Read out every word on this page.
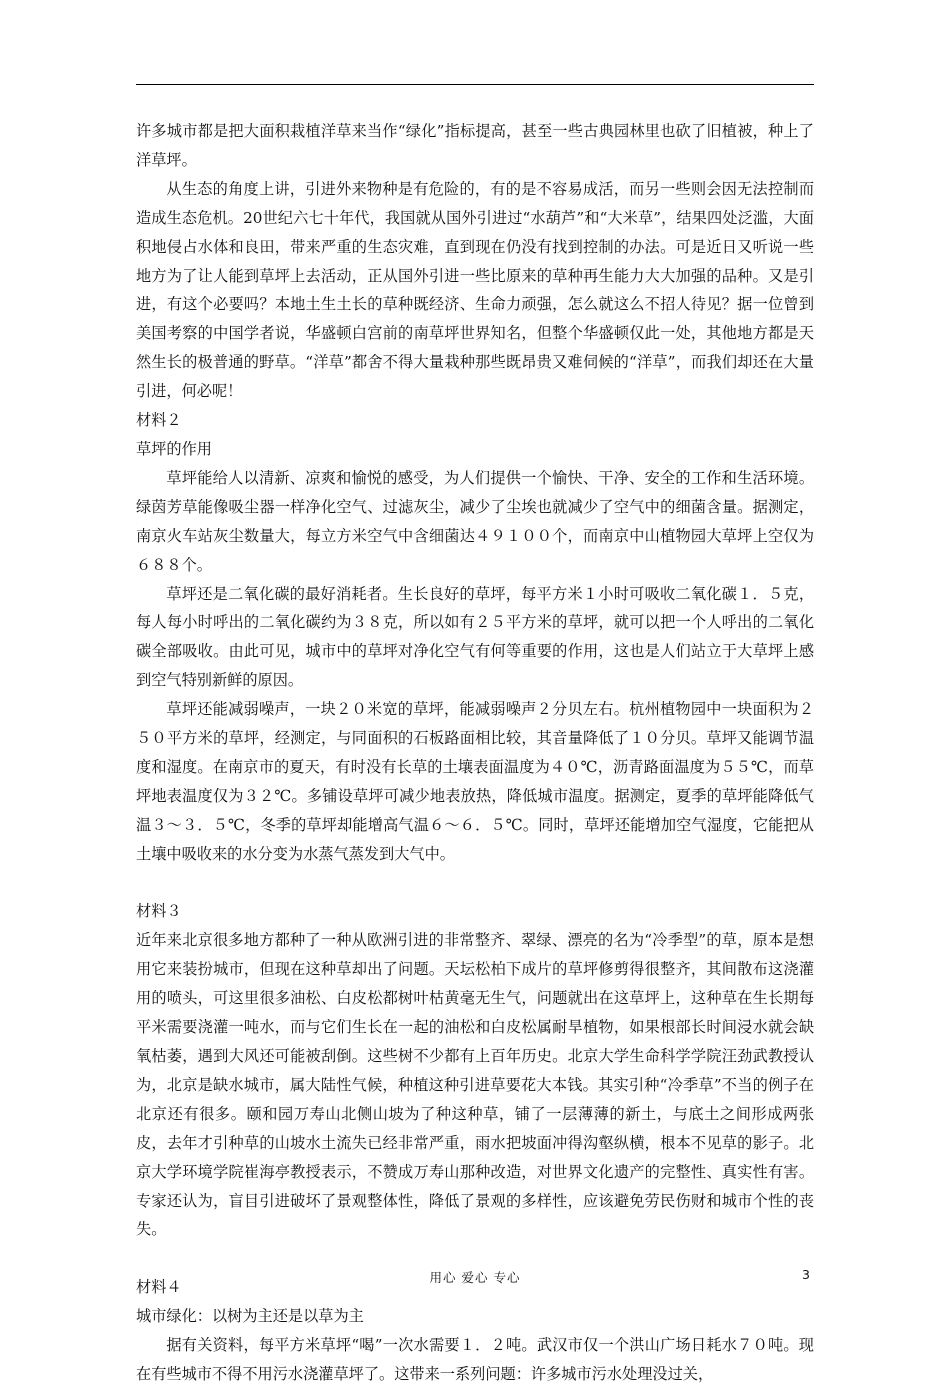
许多城市都是把大面积栽植洋草来当作“绿化”指标提高，甚至一些古典园林里也砍了旧植被，种上了洋草坪。

从生态的角度上讲，引进外来物种是有危险的，有的是不容易成活，而另一些则会因无法控制而造成生态危机。20世纪六七十年代，我国就从国外引进过“水葫芦”和“大米草”，结果四处泛滥，大面积地侵占水体和良田，带来严重的生态灾难，直到现在仍没有找到控制的办法。可是近日又听说一些地方为了让人能到草坪上去活动，正从国外引进一些比原来的草种再生能力大大加强的品种。又是引进，有这个必要吗？本地土生土长的草种既经济、生命力顽强，怎么就这么不招人待见？据一位曾到美国考察的中国学者说，华盛顿白宫前的南草坪世界知名，但整个华盛顿仅此一处，其他地方都是天然生长的极普通的野草。“洋草”都舍不得大量栽种那些既昂贵又难伺候的“洋草”，而我们却还在大量引进，何必呢！

材料２

草坪的作用

草坪能给人以清新、凉爽和愉悦的感受，为人们提供一个愉快、干净、安全的工作和生活环境。绿茵芳草能像吸尘器一样净化空气、过滤灰尘，减少了尘埃也就减少了空气中的细菌含量。据测定，南京火车站灰尘数量大，每立方米空气中含细菌达４９１００个，而南京中山植物园大草坪上空仅为６８８个。

草坪还是二氧化碳的最好消耗者。生长良好的草坪，每平方米１小时可吸收二氧化碳１．５克，每人每小时呼出的二氧化碳约为３８克，所以如有２５平方米的草坪，就可以把一个人呼出的二氧化碳全部吸收。由此可见，城市中的草坪对净化空气有何等重要的作用，这也是人们站立于大草坪上感到空气特别新鲜的原因。

草坪还能减弱噪声，一块２０米宽的草坪，能减弱噪声２分贝左右。杭州植物园中一块面积为２５０平方米的草坪，经测定，与同面积的石板路面相比较，其音量降低了１０分贝。草坪又能调节温度和湿度。在南京市的夏天，有时没有长草的土壤表面温度为４０℃，沥青路面温度为５５℃，而草坪地表温度仅为３２℃。多铺设草坪可减少地表放热，降低城市温度。据测定，夏季的草坪能降低气温３～３．５℃，冬季的草坪却能增高气温６～６．５℃。同时，草坪还能增加空气湿度，它能把从土壤中吸收来的水分变为水蒸气蒸发到大气中。

材料３

近年来北京很多地方都种了一种从欧洲引进的非常整齐、翠绿、漂亮的名为“冷季型”的草，原本是想用它来装扮城市，但现在这种草却出了问题。天坛松柏下成片的草坪修剪得很整齐，其间散布这浇灌用的喷头，可这里很多油松、白皮松都树叶枯黄毫无生气，问题就出在这草坪上，这种草在生长期每平米需要浇灌一吨水，而与它们生长在一起的油松和白皮松属耐旱植物，如果根部长时间浸水就会缺氧枯萎，遇到大风还可能被刮倒。这些树不少都有上百年历史。北京大学生命科学学院汪劲武教授认为，北京是缺水城市，属大陆性气候，种植这种引进草要花大本钱。其实引种“冷季草”不当的例子在北京还有很多。颐和园万寿山北侧山坡为了种这种草，铺了一层薄薄的新土，与底土之间形成两张皮，去年才引种草的山坡水土流失已经非常严重，雨水把坡面冲得沟壑纵横，根本不见草的影子。北京大学环境学院崔海亭教授表示，不赞成万寿山那种改造，对世界文化遗产的完整性、真实性有害。专家还认为，盲目引进破坏了景观整体性，降低了景观的多样性，应该避免劳民伤财和城市个性的丧失。

材料４

城市绿化：以树为主还是以草为主

据有关资料，每平方米草坪“喝”一次水需要１．２吨。武汉市仅一个洪山广场日耗水７０吨。现在有些城市不得不用污水浇灌草坪了。这带来一系列问题：许多城市污水处理没过关，

用心 爱心 专心	3
